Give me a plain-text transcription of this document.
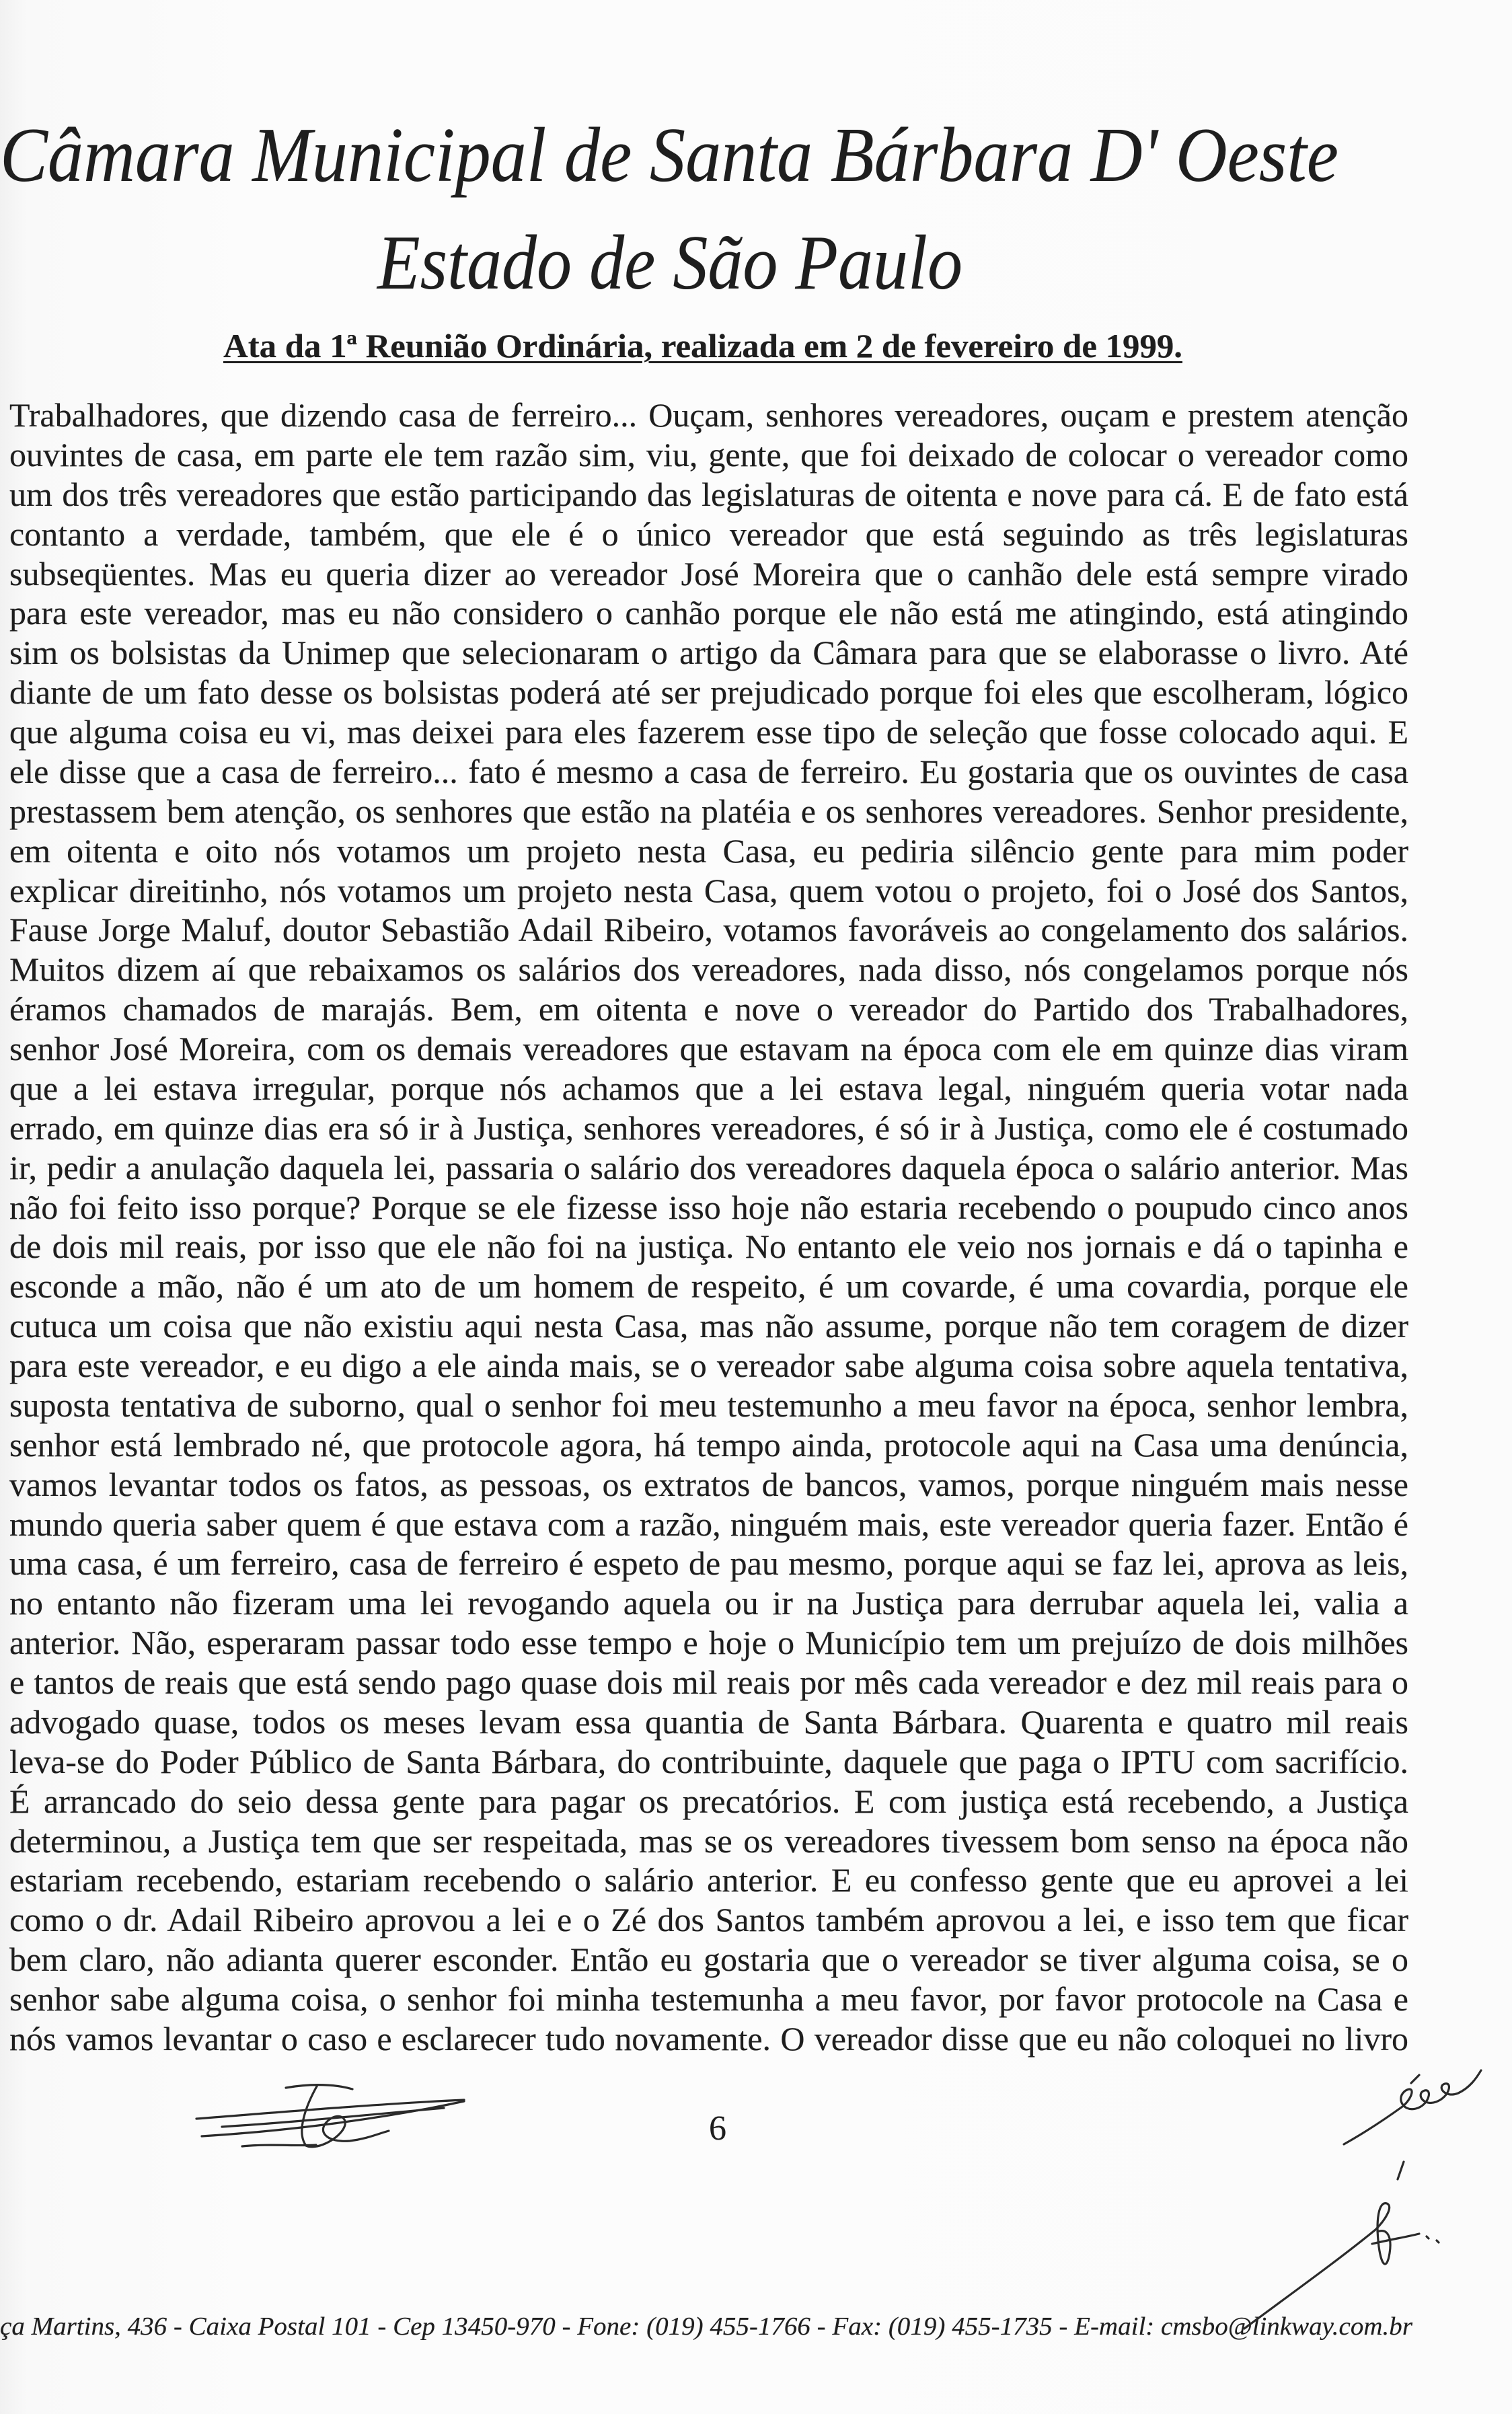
Câmara Municipal de Santa Bárbara D' Oeste
Estado de São Paulo
Ata da 1ª Reunião Ordinária, realizada em 2 de fevereiro de 1999.
Trabalhadores, que dizendo casa de ferreiro... Ouçam, senhores vereadores, ouçam e prestem atenção
ouvintes de casa, em parte ele tem razão sim, viu, gente, que foi deixado de colocar o vereador como
um dos três vereadores que estão participando das legislaturas de oitenta e nove para cá. E de fato está
contanto a verdade, também, que ele é o único vereador que está seguindo as três legislaturas
subseqüentes. Mas eu queria dizer ao vereador José Moreira que o canhão dele está sempre virado
para este vereador, mas eu não considero o canhão porque ele não está me atingindo, está atingindo
sim os bolsistas da Unimep que selecionaram o artigo da Câmara para que se elaborasse o livro. Até
diante de um fato desse os bolsistas poderá até ser prejudicado porque foi eles que escolheram, lógico
que alguma coisa eu vi, mas deixei para eles fazerem esse tipo de seleção que fosse colocado aqui. E
ele disse que a casa de ferreiro... fato é mesmo a casa de ferreiro. Eu gostaria que os ouvintes de casa
prestassem bem atenção, os senhores que estão na platéia e os senhores vereadores. Senhor presidente,
em oitenta e oito nós votamos um projeto nesta Casa, eu pediria silêncio gente para mim poder
explicar direitinho, nós votamos um projeto nesta Casa, quem votou o projeto, foi o José dos Santos,
Fause Jorge Maluf, doutor Sebastião Adail Ribeiro, votamos favoráveis ao congelamento dos salários.
Muitos dizem aí que rebaixamos os salários dos vereadores, nada disso, nós congelamos porque nós
éramos chamados de marajás. Bem, em oitenta e nove o vereador do Partido dos Trabalhadores,
senhor José Moreira, com os demais vereadores que estavam na época com ele em quinze dias viram
que a lei estava irregular, porque nós achamos que a lei estava legal, ninguém queria votar nada
errado, em quinze dias era só ir à Justiça, senhores vereadores, é só ir à Justiça, como ele é costumado
ir, pedir a anulação daquela lei, passaria o salário dos vereadores daquela época o salário anterior. Mas
não foi feito isso porque? Porque se ele fizesse isso hoje não estaria recebendo o poupudo cinco anos
de dois mil reais, por isso que ele não foi na justiça. No entanto ele veio nos jornais e dá o tapinha e
esconde a mão, não é um ato de um homem de respeito, é um covarde, é uma covardia, porque ele
cutuca um coisa que não existiu aqui nesta Casa, mas não assume, porque não tem coragem de dizer
para este vereador, e eu digo a ele ainda mais, se o vereador sabe alguma coisa sobre aquela tentativa,
suposta tentativa de suborno, qual o senhor foi meu testemunho a meu favor na época, senhor lembra,
senhor está lembrado né, que protocole agora, há tempo ainda, protocole aqui na Casa uma denúncia,
vamos levantar todos os fatos, as pessoas, os extratos de bancos, vamos, porque ninguém mais nesse
mundo queria saber quem é que estava com a razão, ninguém mais, este vereador queria fazer. Então é
uma casa, é um ferreiro, casa de ferreiro é espeto de pau mesmo, porque aqui se faz lei, aprova as leis,
no entanto não fizeram uma lei revogando aquela ou ir na Justiça para derrubar aquela lei, valia a
anterior. Não, esperaram passar todo esse tempo e hoje o Município tem um prejuízo de dois milhões
e tantos de reais que está sendo pago quase dois mil reais por mês cada vereador e dez mil reais para o
advogado quase, todos os meses levam essa quantia de Santa Bárbara. Quarenta e quatro mil reais
leva-se do Poder Público de Santa Bárbara, do contribuinte, daquele que paga o IPTU com sacrifício.
É arrancado do seio dessa gente para pagar os precatórios. E com justiça está recebendo, a Justiça
determinou, a Justiça tem que ser respeitada, mas se os vereadores tivessem bom senso na época não
estariam recebendo, estariam recebendo o salário anterior. E eu confesso gente que eu aprovei a lei
como o dr. Adail Ribeiro aprovou a lei e o Zé dos Santos também aprovou a lei, e isso tem que ficar
bem claro, não adianta querer esconder. Então eu gostaria que o vereador se tiver alguma coisa, se o
senhor sabe alguma coisa, o senhor foi minha testemunha a meu favor, por favor protocole na Casa e
nós vamos levantar o caso e esclarecer tudo novamente. O vereador disse que eu não coloquei no livro
6
ça Martins, 436 - Caixa Postal 101 - Cep 13450-970 - Fone: (019) 455-1766 - Fax: (019) 455-1735 - E-mail: cmsbo@linkway.com.br
